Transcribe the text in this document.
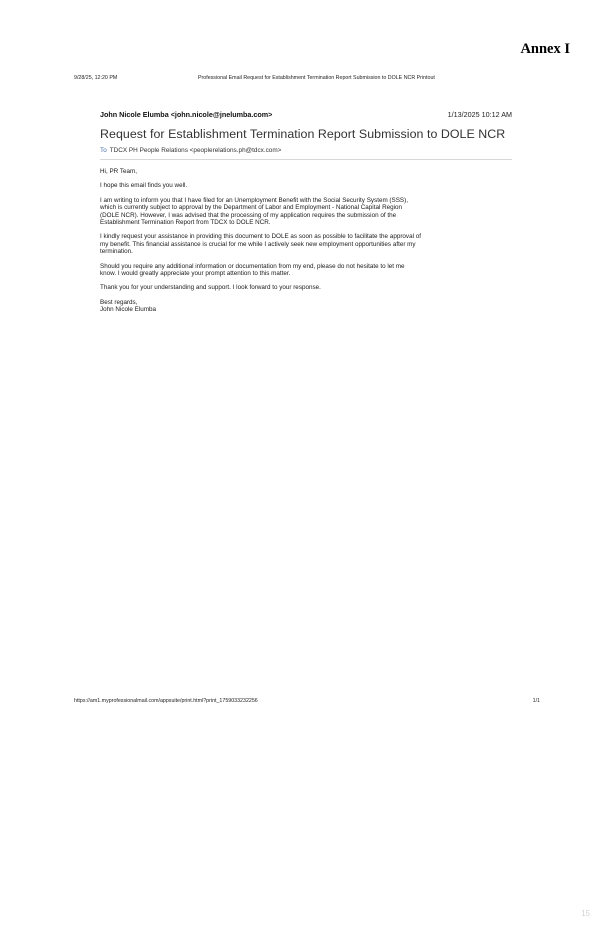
Annex I
9/28/25, 12:20 PM	Professional Email Request for Establishment Termination Report Submission to DOLE NCR Printout
John Nicole Elumba <john.nicole@jnelumba.com>	1/13/2025 10:12 AM
Request for Establishment Termination Report Submission to DOLE NCR
To TDCX PH People Relations <peoplerelations.ph@tdcx.com>

Hi, PR Team,

I hope this email finds you well.

I am writing to inform you that I have filed for an Unemployment Benefit with the Social Security System (SSS),
which is currently subject to approval by the Department of Labor and Employment - National Capital Region
(DOLE NCR). However, I was advised that the processing of my application requires the submission of the
Establishment Termination Report from TDCX to DOLE NCR.

I kindly request your assistance in providing this document to DOLE as soon as possible to facilitate the approval of
my benefit. This financial assistance is crucial for me while I actively seek new employment opportunities after my
termination.

Should you require any additional information or documentation from my end, please do not hesitate to let me
know. I would greatly appreciate your prompt attention to this matter.

Thank you for your understanding and support. I look forward to your response.

Best regards,
John Nicole Elumba

https://am1.myprofessionalmail.com/appsuite/print.html?print_1759033232256	1/1
15
